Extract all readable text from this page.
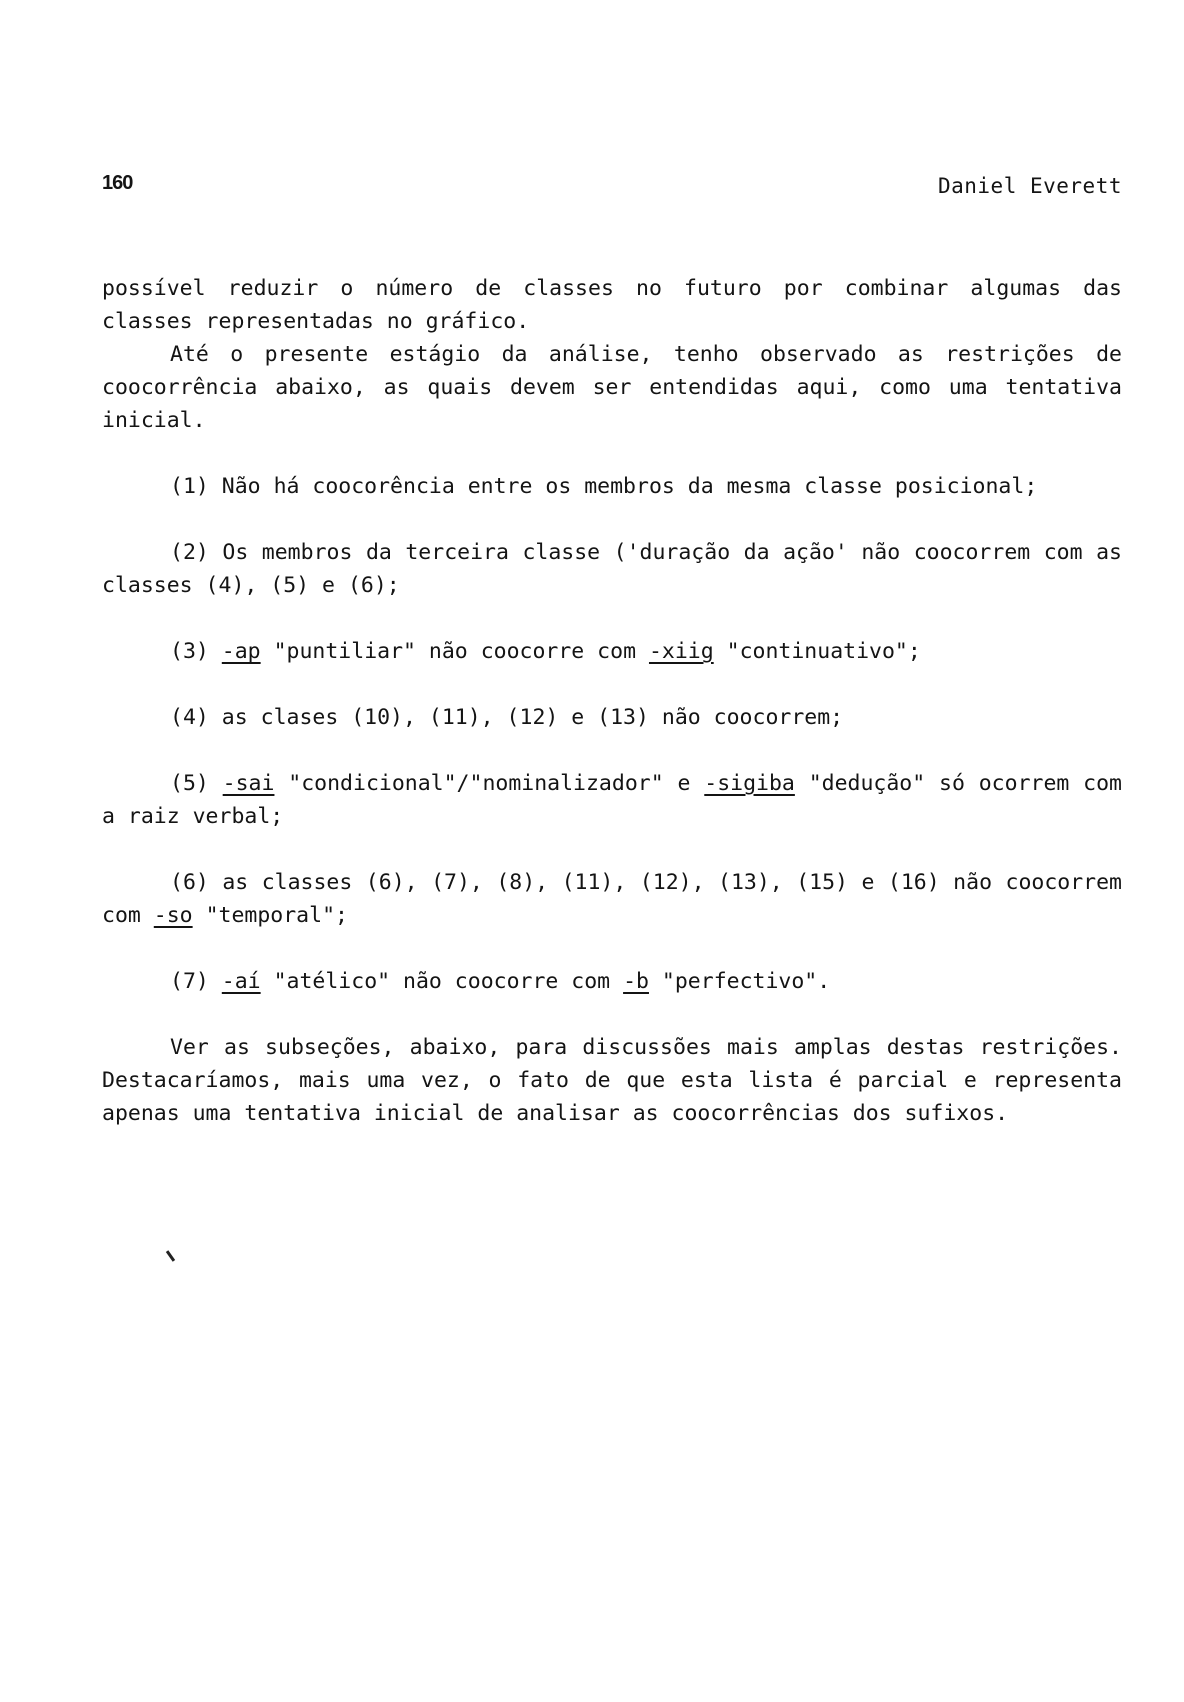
160	Daniel Everett

possível reduzir o número de classes no futuro por combinar algumas das classes representadas no gráfico.

Até o presente estágio da análise, tenho observado as restrições de coocorrência abaixo, as quais devem ser entendidas aqui, como uma tentativa inicial.

(1) Não há coocorência entre os membros da mesma classe posicional;

(2) Os membros da terceira classe ('duração da ação' não coocorrem com as classes (4), (5) e (6);

(3) -ap "puntiliar" não coocorre com -xiig "continuativo";

(4) as clases (10), (11), (12) e (13) não coocorrem;

(5) -sai "condicional"/"nominalizador" e -sigiba "dedução" só ocorrem com a raiz verbal;

(6) as classes (6), (7), (8), (11), (12), (13), (15) e (16) não coocorrem com -so "temporal";

(7) -aí "atélico" não coocorre com -b "perfectivo".

Ver as subseções, abaixo, para discussões mais amplas destas restrições. Destacaríamos, mais uma vez, o fato de que esta lista é parcial e representa apenas uma tentativa inicial de analisar as coocorrências dos sufixos.
